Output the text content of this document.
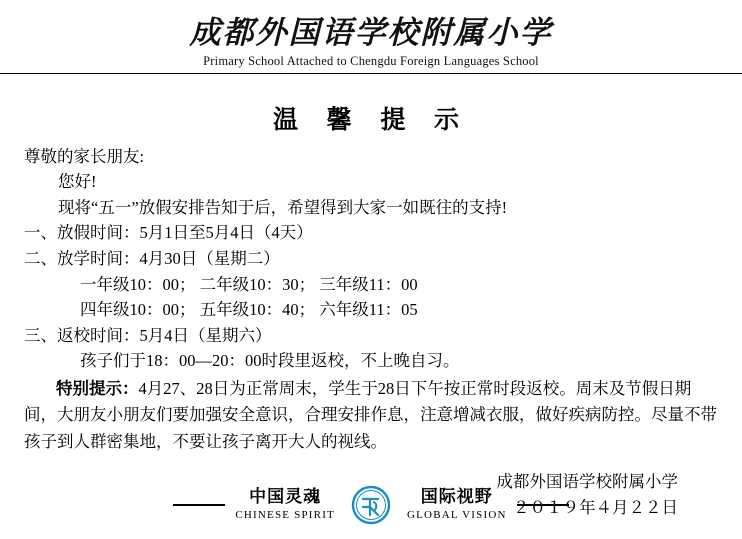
成都外国语学校附属小学
Primary School Attached to Chengdu Foreign Languages School
温 馨 提 示
尊敬的家长朋友:
您好!
现将“五一”放假安排告知于后，希望得到大家一如既往的支持!
一、放假时间：5月1日至5月4日（4天）
二、放学时间：4月30日（星期二）
一年级10：00； 二年级10：30； 三年级11：00
四年级10：00； 五年级10：40； 六年级11：05
三、返校时间：5月4日（星期六）
孩子们于18：00—20：00时段里返校，不上晚自习。
特别提示：4月27、28日为正常周末，学生于28日下午按正常时段返校。周末及节假日期间，大朋友小朋友们要加强安全意识，合理安排作息，注意增减衣服，做好疾病防控。尽量不带孩子到人群密集地，不要让孩子离开大人的视线。
成都外国语学校附属小学
２０１９年４月２２日
中国灵魂
CHINESE SPIRIT
国际视野
GLOBAL VISION
